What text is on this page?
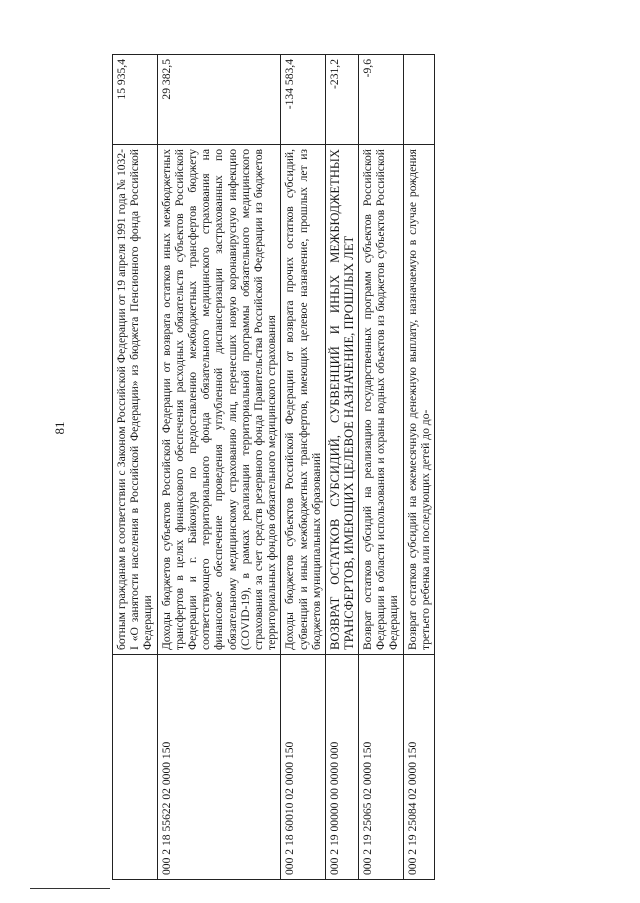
81
		ботным гражданам в соответствии с Законом Российской Федерации от 19 апреля 1991 года № 1032-I «О занятости населения в Российской Федерации» из бюджета Пенсионного фонда Российской Федерации	15 935,4
000 2 18 55622 02 0000 150	Доходы бюджетов субъектов Российской Федерации от возврата остатков иных межбюджетных трансфертов в целях финансового обеспечения расходных обязательств субъектов Российской Федерации и г. Байконура по предоставлению межбюджетных трансфертов бюджету соответствующего территориального фонда обязательного медицинского страхования на финансовое обеспечение проведения углубленной диспансеризации застрахованных по обязательному медицинскому страхованию лиц, перенесших новую коронавирусную инфекцию (COVID-19), в рамках реализации территориальной программы обязательного медицинского страхования за счет средств резервного фонда Правительства Российской Федерации из бюджетов территориальных фондов обязательного медицинского страхования	29 382,5
000 2 18 60010 02 0000 150	Доходы бюджетов субъектов Российской Федерации от возврата прочих остатков субсидий, субвенций и иных межбюджетных трансфертов, имеющих целевое назначение, прошлых лет из бюджетов муниципальных образований	-134 583,4
000 2 19 00000 00 0000 000	ВОЗВРАТ ОСТАТКОВ СУБСИДИЙ, СУБВЕНЦИЙ И ИНЫХ МЕЖБЮДЖЕТНЫХ ТРАНСФЕРТОВ, ИМЕЮЩИХ ЦЕЛЕВОЕ НАЗНАЧЕНИЕ, ПРОШЛЫХ ЛЕТ	-231,2
000 2 19 25065 02 0000 150	Возврат остатков субсидий на реализацию государственных программ субъектов Российской Федерации в области использования и охраны водных объектов из бюджетов субъектов Российской Федерации	-9,6
000 2 19 25084 02 0000 150	Возврат остатков субсидий на ежемесячную денежную выплату, назначаемую в случае рождения третьего ребенка или последующих детей до до-	
